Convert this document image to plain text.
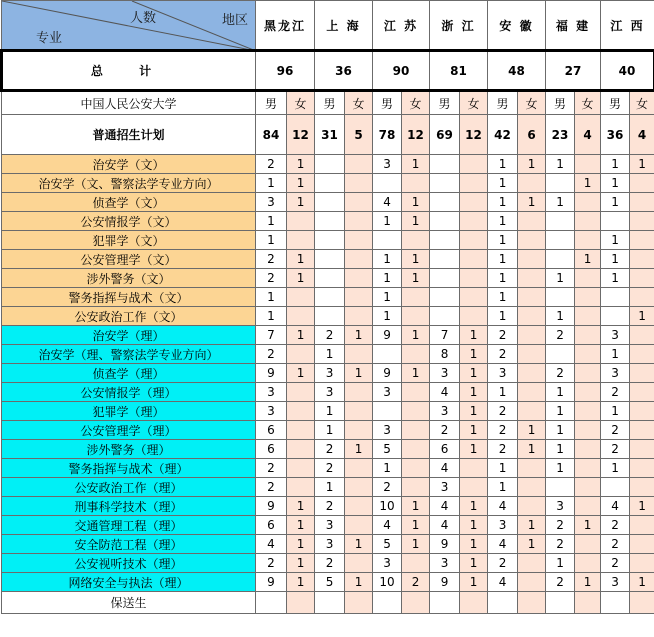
专业
人数 地区	黑龙江		上 海		江 苏		浙 江		安 徽		福 建		江 西	
总 计	96		36		90		81		48		27		40	
中国人民公安大学	男	女	男	女	男	女	男	女	男	女	男	女	男	女
普通招生计划	84	12	31	5	78	12	69	12	42	6	23	4	36	4
治安学（文）	2	1			3	1			1	1	1		1	1
治安学（文、警察法学专业方向）	1	1							1			1	1	
侦查学（文）	3	1			4	1			1	1	1		1	
公安情报学（文）	1				1	1			1					
犯罪学（文）	1								1				1	
公安管理学（文）	2	1			1	1			1			1	1	
涉外警务（文）	2	1			1	1			1		1		1	
警务指挥与战术（文）	1				1				1					
公安政治工作（文）	1				1				1		1			1
治安学（理）	7	1	2	1	9	1	7	1	2		2		3	
治安学（理、警察法学专业方向）	2		1				8	1	2				1	
侦查学（理）	9	1	3	1	9	1	3	1	3		2		3	
公安情报学（理）	3		3		3		4	1	1		1		2	
犯罪学（理）	3		1				3	1	2		1		1	
公安管理学（理）	6		1		3		2	1	2	1	1		2	
涉外警务（理）	6		2	1	5		6	1	2	1	1		2	
警务指挥与战术（理）	2		2		1		4		1		1		1	
公安政治工作（理）	2		1		2		3		1					
刑事科学技术（理）	9	1	2		10	1	4	1	4		3		4	1
交通管理工程（理）	6	1	3		4	1	4	1	3	1	2	1	2	
安全防范工程（理）	4	1	3	1	5	1	9	1	4	1	2		2	
公安视听技术（理）	2	1	2		3		3	1	2		1		2	
网络安全与执法（理）	9	1	5	1	10	2	9	1	4		2	1	3	1
保送生														
